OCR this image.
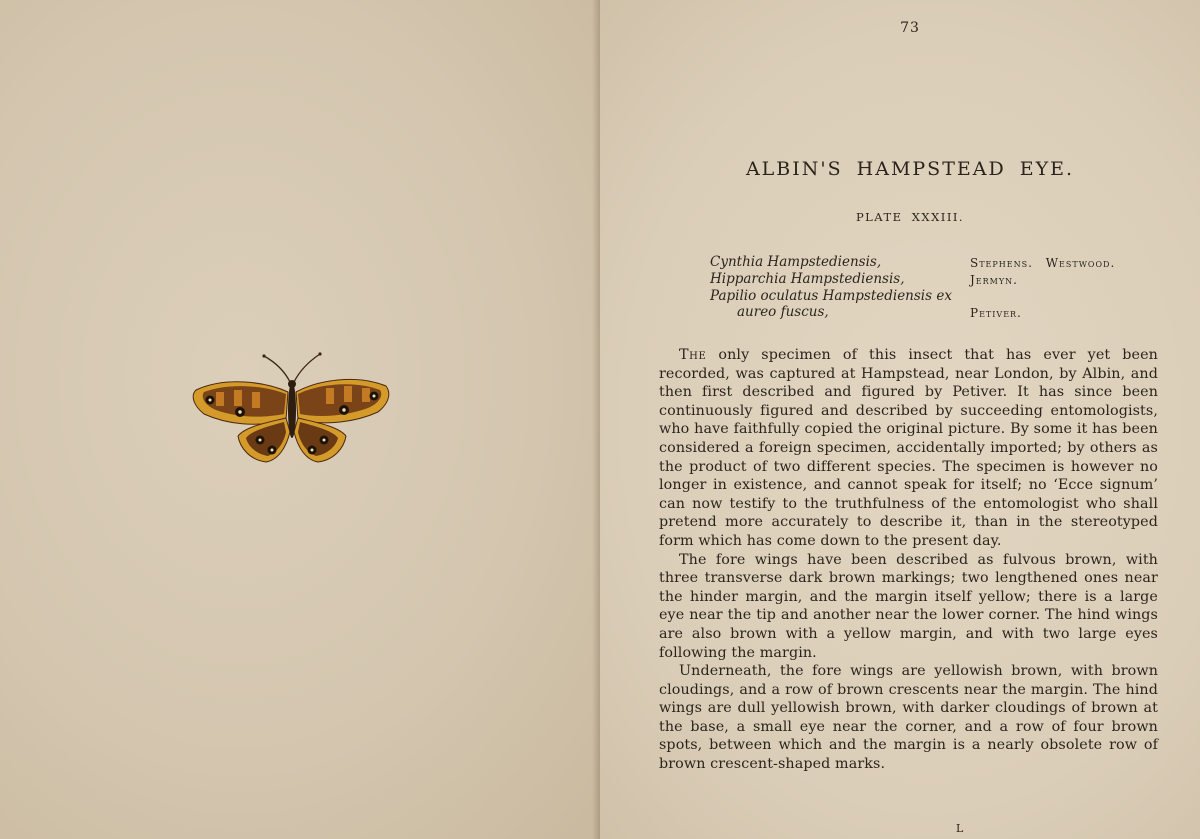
73
ALBIN'S HAMPSTEAD EYE.
PLATE XXXIII.
Cynthia Hampstediensis,	Stephens. Westwood.
Hipparchia Hampstediensis,	Jermyn.
Papilio oculatus Hampstediensis ex
aureo fuscus,	Petiver.

The only specimen of this insect that has ever yet been recorded, was captured at Hampstead, near London, by Albin, and then first described and figured by Petiver. It has since been continuously figured and described by succeeding entomologists, who have faithfully copied the original picture. By some it has been considered a foreign specimen, accidentally imported; by others as the product of two different species. The specimen is however no longer in existence, and cannot speak for itself; no ‘Ecce signum’ can now testify to the truthfulness of the entomologist who shall pretend more accurately to describe it, than in the stereotyped form which has come down to the present day.

The fore wings have been described as fulvous brown, with three transverse dark brown markings; two lengthened ones near the hinder margin, and the margin itself yellow; there is a large eye near the tip and another near the lower corner. The hind wings are also brown with a yellow margin, and with two large eyes following the margin.

Underneath, the fore wings are yellowish brown, with brown cloudings, and a row of brown crescents near the margin. The hind wings are dull yellowish brown, with darker cloudings of brown at the base, a small eye near the corner, and a row of four brown spots, between which and the margin is a nearly obsolete row of brown crescent-shaped marks.

L
